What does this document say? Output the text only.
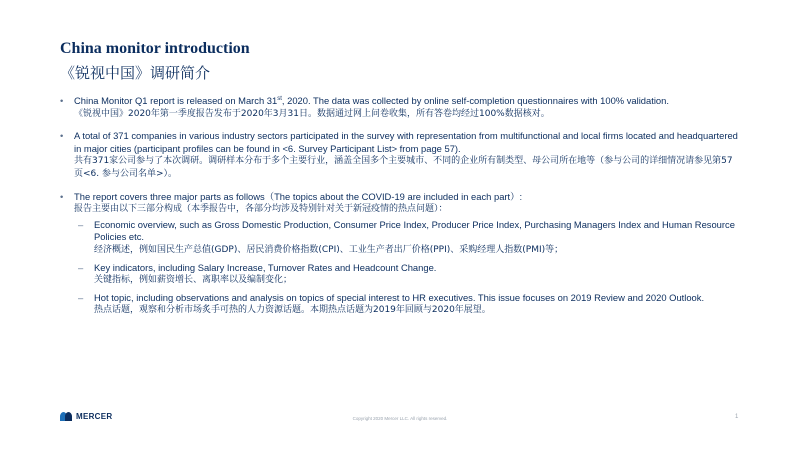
China monitor introduction
《锐视中国》调研简介
• China Monitor Q1 report is released on March 31st, 2020. The data was collected by online self-completion questionnaires with 100% validation.
《锐视中国》2020年第一季度报告发布于2020年3月31日。数据通过网上问卷收集，所有答卷均经过100%数据核对。
• A total of 371 companies in various industry sectors participated in the survey with representation from multifunctional and local firms located and headquartered in major cities (participant profiles can be found in <6. Survey Participant List> from page 57).
共有371家公司参与了本次调研。调研样本分布于多个主要行业，涵盖全国多个主要城市、不同的企业所有制类型、母公司所在地等（参与公司的详细情况请参见第57页<6. 参与公司名单>）。
• The report covers three major parts as follows（The topics about the COVID-19 are included in each part）:
报告主要由以下三部分构成（本季报告中，各部分均涉及特别针对关于新冠疫情的热点问题）：
– Economic overview, such as Gross Domestic Production, Consumer Price Index, Producer Price Index, Purchasing Managers Index and Human Resource Policies etc.
经济概述，例如国民生产总值(GDP)、居民消费价格指数(CPI)、工业生产者出厂价格(PPI)、采购经理人指数(PMI)等；
– Key indicators, including Salary Increase, Turnover Rates and Headcount Change.
关键指标，例如薪资增长、离职率以及编制变化；
– Hot topic, including observations and analysis on topics of special interest to HR executives. This issue focuses on 2019 Review and 2020 Outlook.
热点话题，观察和分析市场炙手可热的人力资源话题。本期热点话题为2019年回顾与2020年展望。
MERCER	Copyright 2020 Mercer LLC. All rights reserved.	1
